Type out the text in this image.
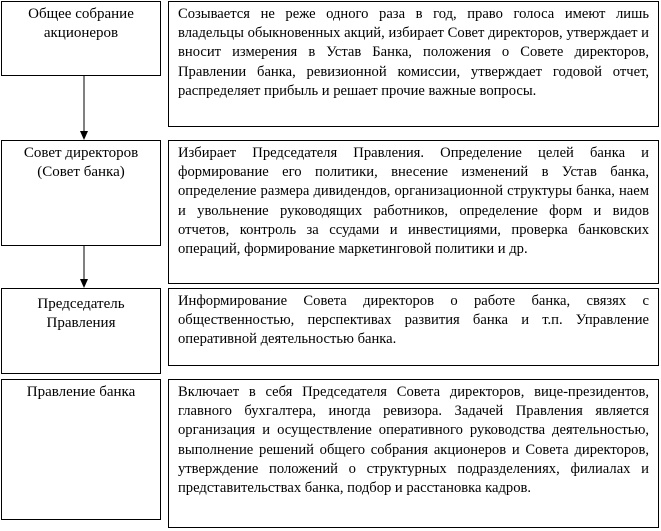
Общее собрание акционеров

Созывается не реже одного раза в год, право голоса имеют лишь владельцы обыкновенных акций, избирает Совет директоров, утверждает и вносит измерения в Устав Банка, положения о Совете директоров, Правлении банка, ревизионной комиссии, утверждает годовой отчет, распределяет прибыль и решает прочие важные вопросы.

Совет директоров (Совет банка)

Избирает Председателя Правления. Определение целей банка и формирование его политики, внесение изменений в Устав банка, определение размера дивидендов, организационной структуры банка, наем и увольнение руководящих работников, определение форм и видов отчетов, контроль за ссудами и инвестициями, проверка банковских операций, формирование маркетинговой политики и др.

Председатель Правления

Информирование Совета директоров о работе банка, связях с общественностью, перспективах развития банка и т.п. Управление оперативной деятельностью банка.

Правление банка	Включает в себя Председателя Совета директоров, вице-президентов, главного бухгалтера, иногда ревизора. Задачей Правления является организация и осуществление оперативного руководства деятельностью, выполнение решений общего собрания акционеров и Совета директоров, утверждение положений о структурных подразделениях, филиалах и представительствах банка, подбор и расстановка кадров.
